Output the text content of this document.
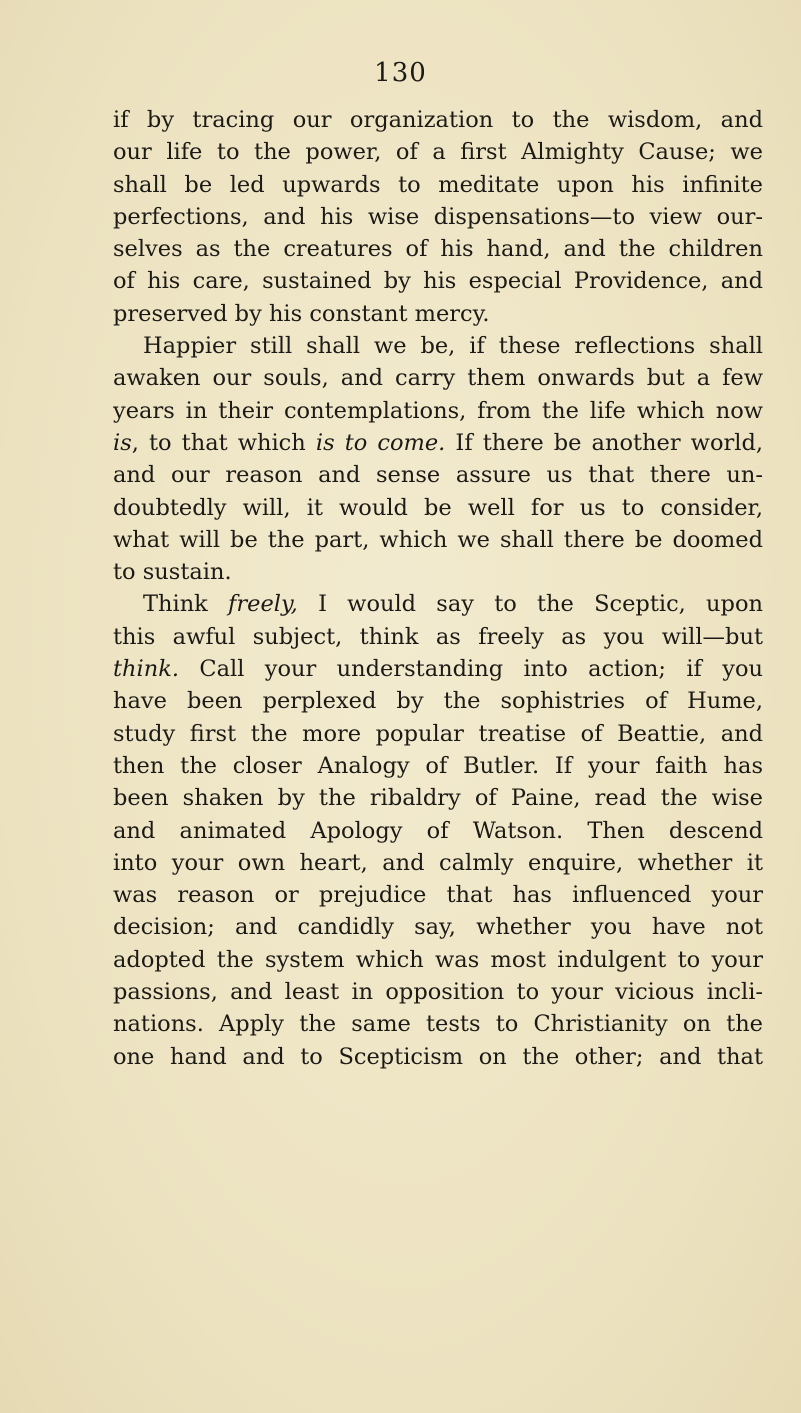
130
if by tracing our organization to the wisdom, and
our life to the power, of a first Almighty Cause; we
shall be led upwards to meditate upon his infinite
perfections, and his wise dispensations—to view our-
selves as the creatures of his hand, and the children
of his care, sustained by his especial Providence, and
preserved by his constant mercy.
Happier still shall we be, if these reflections shall
awaken our souls, and carry them onwards but a few
years in their contemplations, from the life which now
is, to that which is to come. If there be another world,
and our reason and sense assure us that there un-
doubtedly will, it would be well for us to consider,
what will be the part, which we shall there be doomed
to sustain.
Think freely, I would say to the Sceptic, upon
this awful subject, think as freely as you will—but
think. Call your understanding into action; if you
have been perplexed by the sophistries of Hume,
study first the more popular treatise of Beattie, and
then the closer Analogy of Butler. If your faith has
been shaken by the ribaldry of Paine, read the wise
and animated Apology of Watson. Then descend
into your own heart, and calmly enquire, whether it
was reason or prejudice that has influenced your
decision; and candidly say, whether you have not
adopted the system which was most indulgent to your
passions, and least in opposition to your vicious incli-
nations. Apply the same tests to Christianity on the
one hand and to Scepticism on the other; and that
